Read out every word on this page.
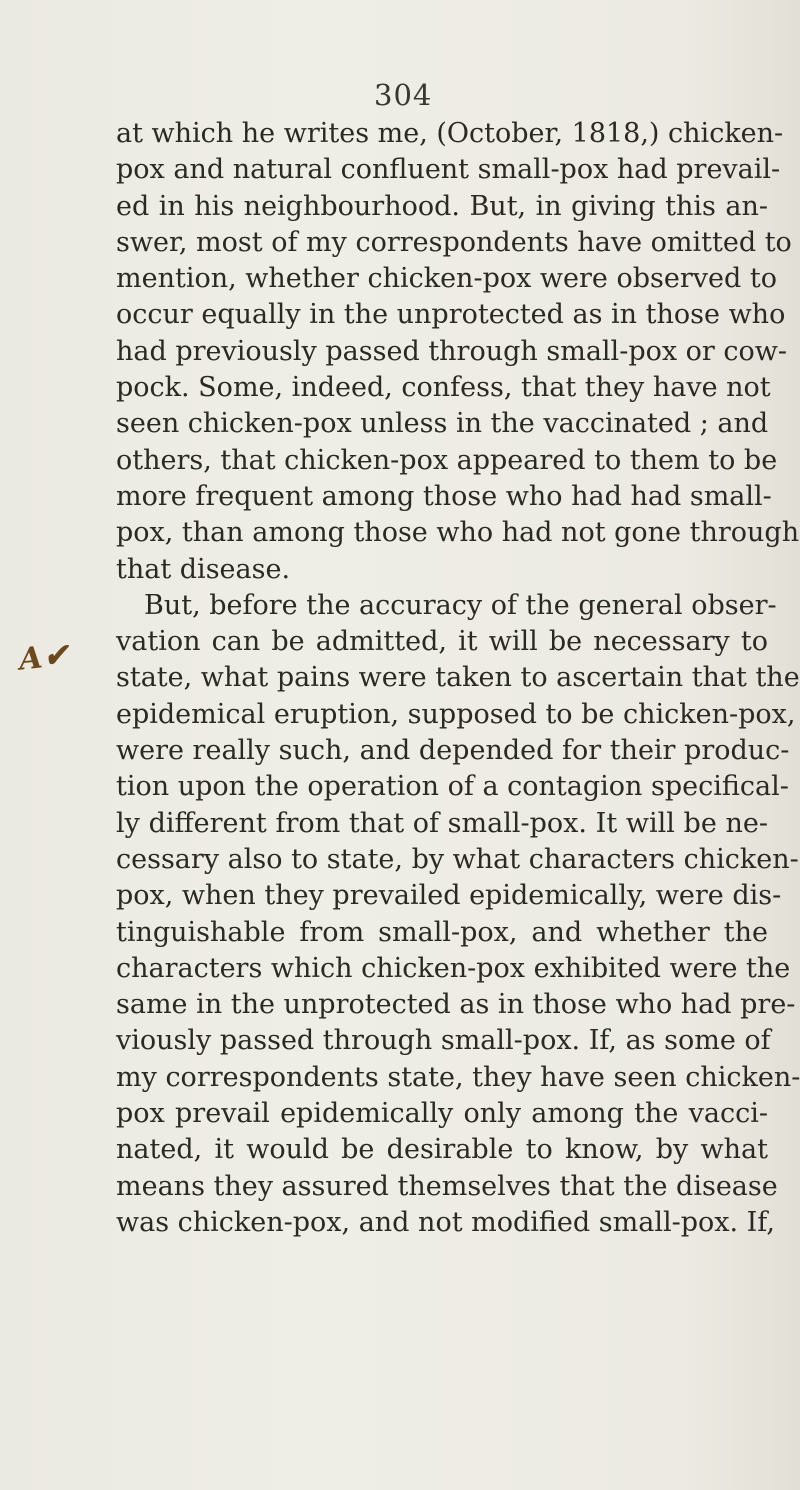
304
A✔
at which he writes me, (October, 1818,) chicken-
pox and natural confluent small-pox had prevail-
ed in his neighbourhood. But, in giving this an-
swer, most of my correspondents have omitted to
mention, whether chicken-pox were observed to
occur equally in the unprotected as in those who
had previously passed through small-pox or cow-
pock. Some, indeed, confess, that they have not
seen chicken-pox unless in the vaccinated ; and
others, that chicken-pox appeared to them to be
more frequent among those who had had small-
pox, than among those who had not gone through
that disease.
But, before the accuracy of the general obser-
vation can be admitted, it will be necessary to
state, what pains were taken to ascertain that the
epidemical eruption, supposed to be chicken-pox,
were really such, and depended for their produc-
tion upon the operation of a contagion specifical-
ly different from that of small-pox. It will be ne-
cessary also to state, by what characters chicken-
pox, when they prevailed epidemically, were dis-
tinguishable from small-pox, and whether the
characters which chicken-pox exhibited were the
same in the unprotected as in those who had pre-
viously passed through small-pox. If, as some of
my correspondents state, they have seen chicken-
pox prevail epidemically only among the vacci-
nated, it would be desirable to know, by what
means they assured themselves that the disease
was chicken-pox, and not modified small-pox. If,
